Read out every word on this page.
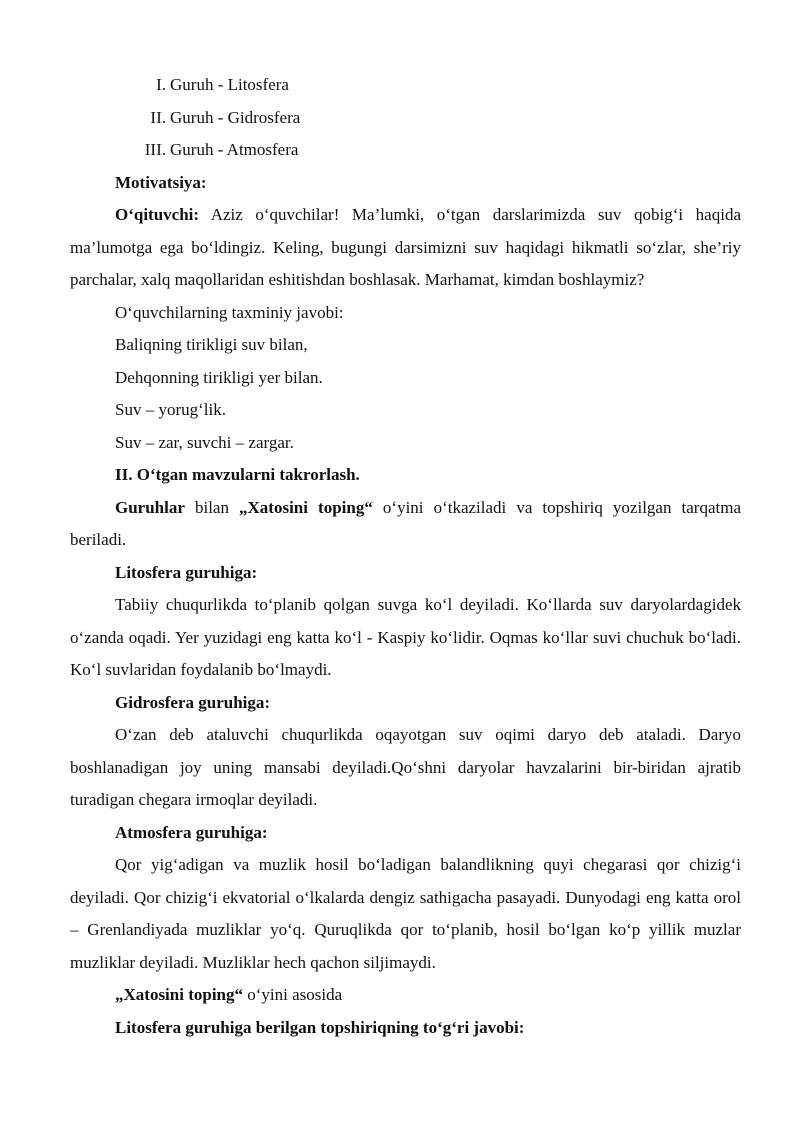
I. Guruh - Litosfera
II. Guruh - Gidrosfera
III. Guruh - Atmosfera

Motivatsiya:

O‘qituvchi: Aziz o‘quvchilar! Ma’lumki, o‘tgan darslarimizda suv qobig‘i haqida ma’lumotga ega bo‘ldingiz. Keling, bugungi darsimizni suv haqidagi hikmatli so‘zlar, she’riy parchalar, xalq maqollaridan eshitishdan boshlasak. Marhamat, kimdan boshlaymiz?

O‘quvchilarning taxminiy javobi:

Baliqning tirikligi suv bilan,

Dehqonning tirikligi yer bilan.

Suv – yorug‘lik.

Suv – zar, suvchi – zargar.

II. O‘tgan mavzularni takrorlash.

Guruhlar bilan „Xatosini toping“ o‘yini o‘tkaziladi va topshiriq yozilgan tarqatma beriladi.

Litosfera guruhiga:

Tabiiy chuqurlikda to‘planib qolgan suvga ko‘l deyiladi. Ko‘llarda suv daryolardagidek o‘zanda oqadi. Yer yuzidagi eng katta ko‘l - Kaspiy ko‘lidir. Oqmas ko‘llar suvi chuchuk bo‘ladi. Ko‘l suvlaridan foydalanib bo‘lmaydi.

Gidrosfera guruhiga:

O‘zan deb ataluvchi chuqurlikda oqayotgan suv oqimi daryo deb ataladi. Daryo boshlanadigan joy uning mansabi deyiladi.Qo‘shni daryolar havzalarini bir-biridan ajratib turadigan chegara irmoqlar deyiladi.

Atmosfera guruhiga:

Qor yig‘adigan va muzlik hosil bo‘ladigan balandlikning quyi chegarasi qor chizig‘i deyiladi. Qor chizig‘i ekvatorial o‘lkalarda dengiz sathigacha pasayadi. Dunyodagi eng katta orol – Grenlandiyada muzliklar yo‘q. Quruqlikda qor to‘planib, hosil bo‘lgan ko‘p yillik muzlar muzliklar deyiladi. Muzliklar hech qachon siljimaydi.

„Xatosini toping“ o‘yini asosida

Litosfera guruhiga berilgan topshiriqning to‘g‘ri javobi:
